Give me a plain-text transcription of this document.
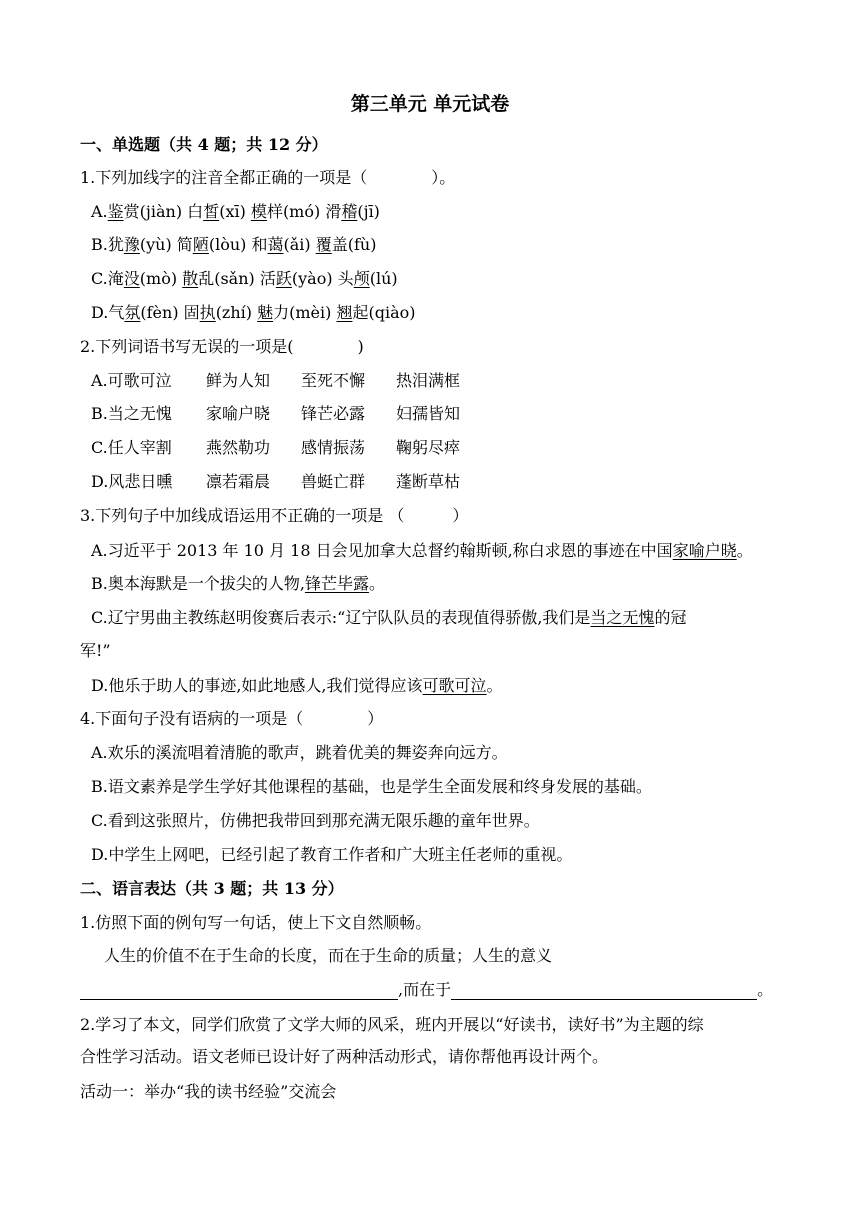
第三单元 单元试卷
一、单选题（共 4 题；共 12 分）
1.下列加线字的注音全都正确的一项是（　　　　）。
A.鉴赏(jiàn) 白皙(xī) 模样(mó) 滑稽(jī)
B.犹豫(yù) 简陋(lòu) 和蔼(ǎi) 覆盖(fù)
C.淹没(mò) 散乱(sǎn) 活跃(yào) 头颅(lú)
D.气氛(fèn) 固执(zhí) 魅力(mèi) 翘起(qiào)
2.下列词语书写无误的一项是(　　　　)
A.可歌可泣 鲜为人知 至死不懈 热泪满框
B.当之无愧 家喻户晓 锋芒必露 妇孺皆知
C.任人宰割 燕然勒功 感情振荡 鞠躬尽瘁
D.风悲日曛 凛若霜晨 兽蜓亡群 蓬断草枯
3.下列句子中加线成语运用不正确的一项是 （　　　）
A.习近平于 2013 年 10 月 18 日会见加拿大总督约翰斯顿,称白求恩的事迹在中国家喻户晓。
B.奥本海默是一个拔尖的人物,锋芒毕露。
C.辽宁男曲主教练赵明俊赛后表示:“辽宁队队员的表现值得骄傲,我们是当之无愧的冠
军!”
D.他乐于助人的事迹,如此地感人,我们觉得应该可歌可泣。
4.下面句子没有语病的一项是（　　　　）
A.欢乐的溪流唱着清脆的歌声，跳着优美的舞姿奔向远方。
B.语文素养是学生学好其他课程的基础，也是学生全面发展和终身发展的基础。
C.看到这张照片，仿佛把我带回到那充满无限乐趣的童年世界。
D.中学生上网吧，已经引起了教育工作者和广大班主任老师的重视。
二、语言表达（共 3 题；共 13 分）
1.仿照下面的例句写一句话，使上下文自然顺畅。
人生的价值不在于生命的长度，而在于生命的质量；人生的意义
,而在于	。
2.学习了本文，同学们欣赏了文学大师的风采，班内开展以“好读书，读好书”为主题的综
合性学习活动。语文老师已设计好了两种活动形式，请你帮他再设计两个。
活动一：举办“我的读书经验”交流会
